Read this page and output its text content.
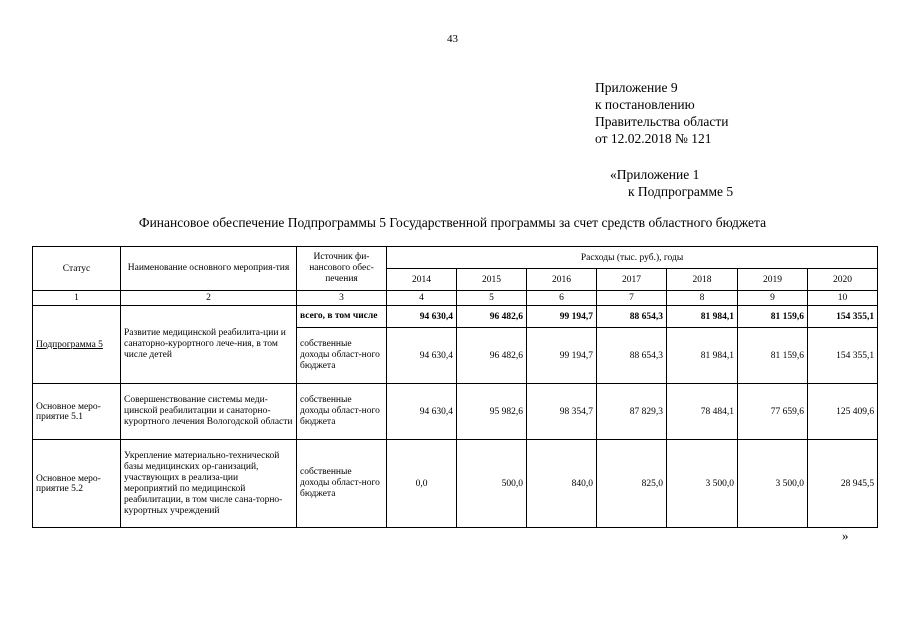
43
Приложение 9
к постановлению
Правительства области
от 12.02.2018 № 121
«Приложение 1
к Подпрограмме 5
Финансовое обеспечение Подпрограммы 5 Государственной программы за счет средств областного бюджета
Статус	Наименование основного мероприя-тия	Источник фи-нансового обес-печения	Расходы (тыс. руб.), годы						
			2014	2015	2016	2017	2018	2019	2020
1	2	3	4	5	6	7	8	9	10
Подпрограмма 5	Развитие медицинской реабилита-ции и санаторно-курортного лече-ния, в том числе детей	всего, в том числе	94 630,4	96 482,6	99 194,7	88 654,3	81 984,1	81 159,6	154 355,1
		собственные доходы област-ного бюджета	94 630,4	96 482,6	99 194,7	88 654,3	81 984,1	81 159,6	154 355,1
Основное меро-приятие 5.1	Совершенствование системы меди-цинской реабилитации и санаторно-курортного лечения Вологодской области	собственные доходы област-ного бюджета	94 630,4	95 982,6	98 354,7	87 829,3	78 484,1	77 659,6	125 409,6
Основное меро-приятие 5.2	Укрепление материально-технической базы медицинских ор-ганизаций, участвующих в реализа-ции мероприятий по медицинской реабилитации, в том числе сана-торно-курортных учреждений	собственные доходы област-ного бюджета	0,0	500,0	840,0	825,0	3 500,0	3 500,0	28 945,5
»
